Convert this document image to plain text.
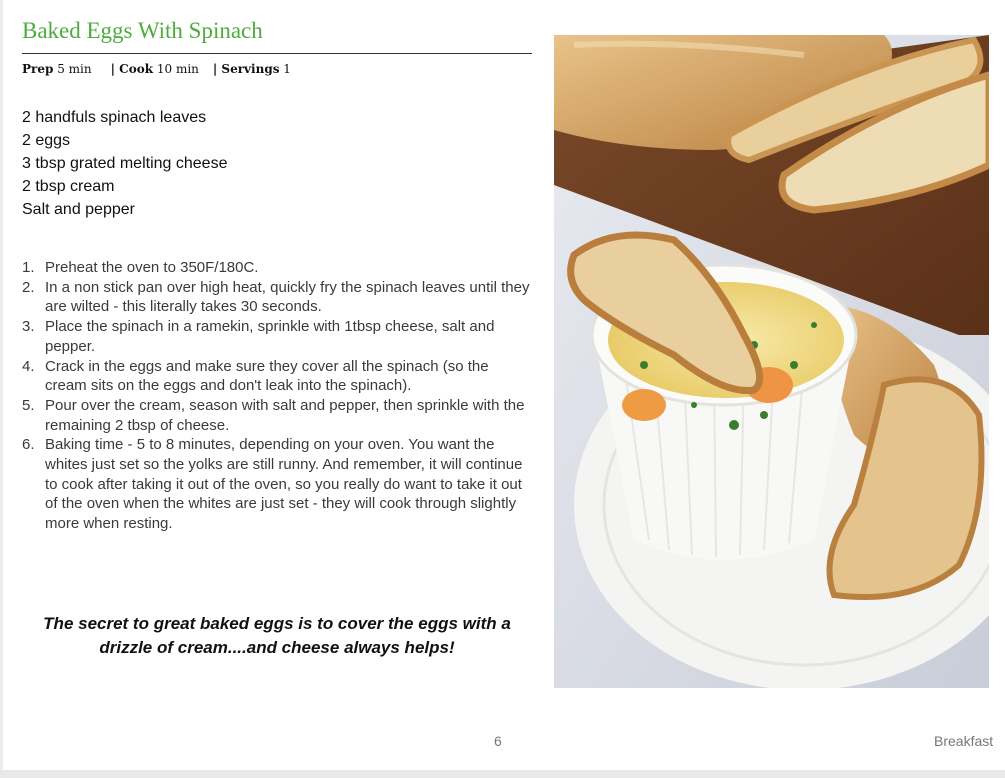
Baked Eggs With Spinach
Prep 5 min | Cook 10 min | Servings 1
2 handfuls spinach leaves
2 eggs
3 tbsp grated melting cheese
2 tbsp cream
Salt and pepper
1. Preheat the oven to 350F/180C.
2. In a non stick pan over high heat, quickly fry the spinach leaves until they are wilted - this literally takes 30 seconds.
3. Place the spinach in a ramekin, sprinkle with 1tbsp cheese, salt and pepper.
4. Crack in the eggs and make sure they cover all the spinach (so the cream sits on the eggs and don't leak into the spinach).
5. Pour over the cream, season with salt and pepper, then sprinkle with the remaining 2 tbsp of cheese.
6. Baking time - 5 to 8 minutes, depending on your oven. You want the whites just set so the yolks are still runny. And remember, it will continue to cook after taking it out of the oven, so you really do want to take it out of the oven when the whites are just set - they will cook through slightly more when resting.
The secret to great baked eggs is to cover the eggs with a drizzle of cream....and cheese always helps!
6	Breakfast
